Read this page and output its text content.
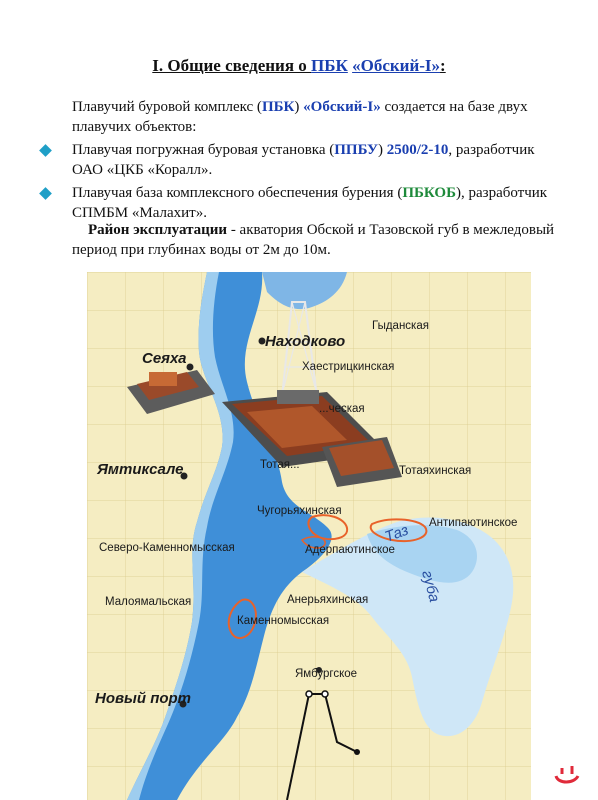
I. Общие сведения о ПБК «Обский-I»:
Плавучий буровой комплекс (ПБК) «Обский-I» создается на базе двух
плавучих объектов:
Плавучая погружная буровая установка (ППБУ) 2500/2-10, разработчик
ОАО «ЦКБ «Коралл».
Плавучая база комплексного обеспечения бурения (ПБКОБ), разработчик
СПМБМ «Малахит».
Район эксплуатации - акватория Обской и Тазовской губ в межледовый
период при глубинах воды от 2м до 10м.
Сеяха
Ямтиксале
Новый порт
Находково
Гыданская
Хаестрицкинская
...ческая
Тотаяхинская
Тотая...
Чугорьяхинская
Антипаютинское
Адерпаютинское
Северо-Каменномысская
Малоямальская	Анерьяхинская
Каменномысская
Ямбургское
Таз
губа
